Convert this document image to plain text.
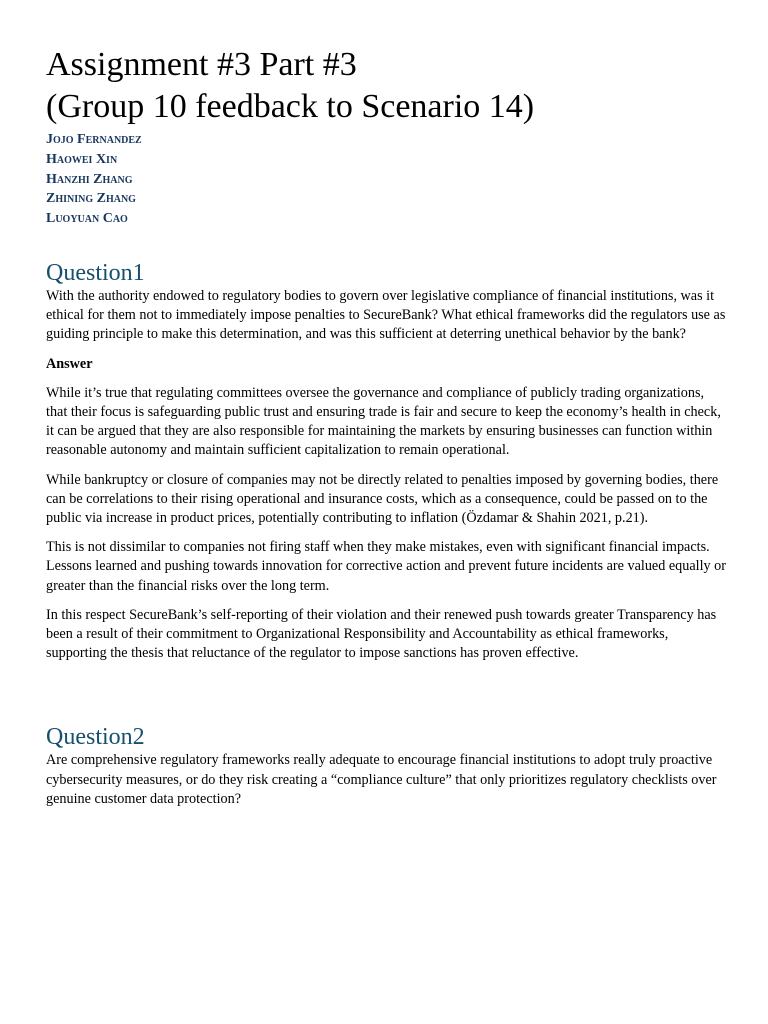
Assignment #3 Part #3
(Group 10 feedback to Scenario 14)
Jojo Fernandez
Haowei Xin
Hanzhi Zhang
Zhining Zhang
Luoyuan Cao
Question1

With the authority endowed to regulatory bodies to govern over legislative compliance of financial institutions, was it ethical for them not to immediately impose penalties to SecureBank? What ethical frameworks did the regulators use as guiding principle to make this determination, and was this sufficient at deterring unethical behavior by the bank?

Answer

While it’s true that regulating committees oversee the governance and compliance of publicly trading organizations, that their focus is safeguarding public trust and ensuring trade is fair and secure to keep the economy’s health in check, it can be argued that they are also responsible for maintaining the markets by ensuring businesses can function within reasonable autonomy and maintain sufficient capitalization to remain operational.

While bankruptcy or closure of companies may not be directly related to penalties imposed by governing bodies, there can be correlations to their rising operational and insurance costs, which as a consequence, could be passed on to the public via increase in product prices, potentially contributing to inflation (Özdamar & Shahin 2021, p.21).

This is not dissimilar to companies not firing staff when they make mistakes, even with significant financial impacts. Lessons learned and pushing towards innovation for corrective action and prevent future incidents are valued equally or greater than the financial risks over the long term.

In this respect SecureBank’s self-reporting of their violation and their renewed push towards greater Transparency has been a result of their commitment to Organizational Responsibility and Accountability as ethical frameworks, supporting the thesis that reluctance of the regulator to impose sanctions has proven effective.

Question2

Are comprehensive regulatory frameworks really adequate to encourage financial institutions to adopt truly proactive cybersecurity measures, or do they risk creating a “compliance culture” that only prioritizes regulatory checklists over genuine customer data protection?
